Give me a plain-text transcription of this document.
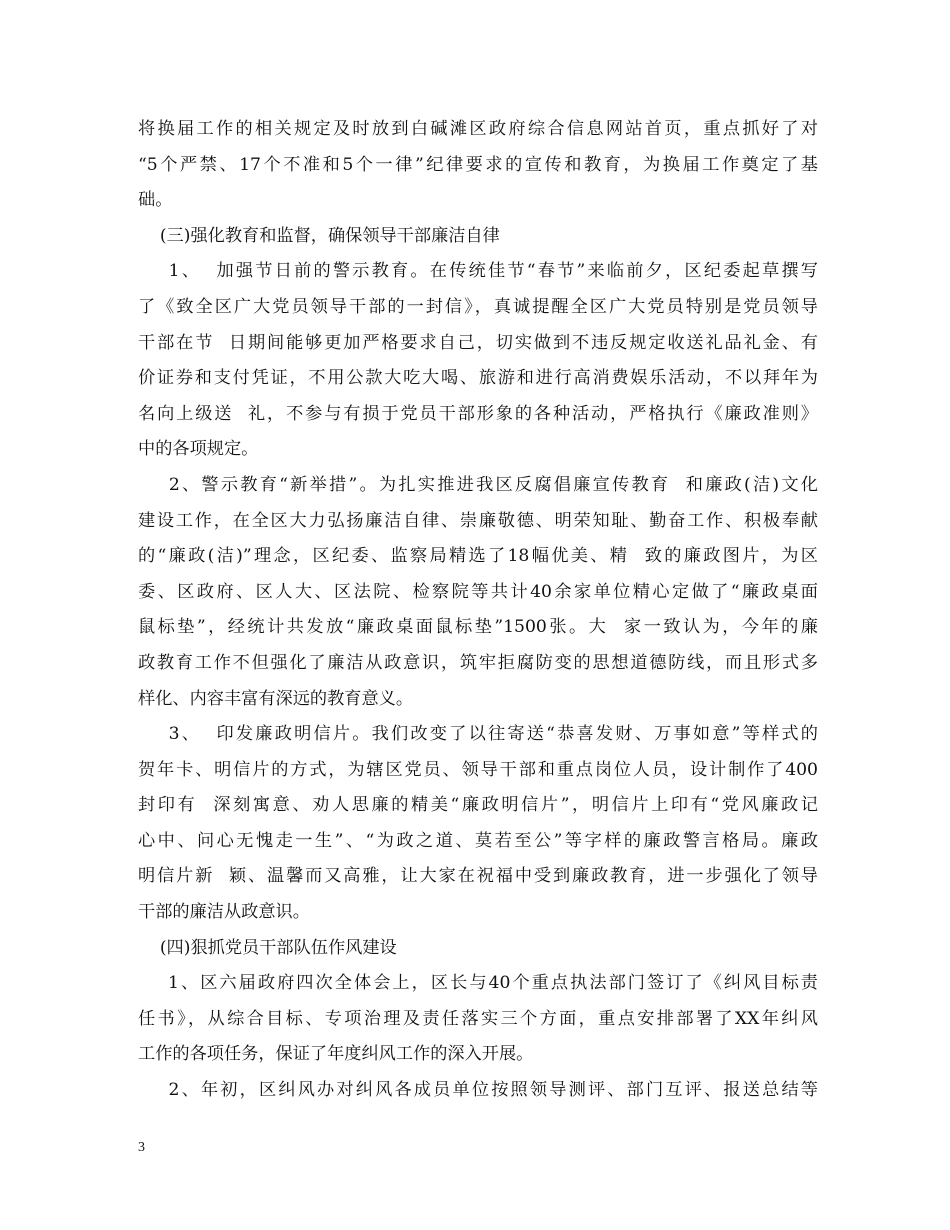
将换届工作的相关规定及时放到白碱滩区政府综合信息网站首页，重点抓好了对
“5个严禁、17个不准和5个一律”纪律要求的宣传和教育，为换届工作奠定了基
础。
(三)强化教育和监督，确保领导干部廉洁自律
1、  加强节日前的警示教育。在传统佳节“春节”来临前夕，区纪委起草撰写
了《致全区广大党员领导干部的一封信》，真诚提醒全区广大党员特别是党员领导
干部在节  日期间能够更加严格要求自己，切实做到不违反规定收送礼品礼金、有
价证券和支付凭证，不用公款大吃大喝、旅游和进行高消费娱乐活动，不以拜年为
名向上级送  礼，不参与有损于党员干部形象的各种活动，严格执行《廉政准则》
中的各项规定。
2、警示教育“新举措”。为扎实推进我区反腐倡廉宣传教育  和廉政(洁)文化
建设工作，在全区大力弘扬廉洁自律、崇廉敬德、明荣知耻、勤奋工作、积极奉献
的“廉政(洁)”理念，区纪委、监察局精选了18幅优美、精  致的廉政图片，为区
委、区政府、区人大、区法院、检察院等共计40余家单位精心定做了“廉政桌面
鼠标垫”，经统计共发放“廉政桌面鼠标垫”1500张。大  家一致认为，今年的廉
政教育工作不但强化了廉洁从政意识，筑牢拒腐防变的思想道德防线，而且形式多
样化、内容丰富有深远的教育意义。
3、  印发廉政明信片。我们改变了以往寄送“恭喜发财、万事如意”等样式的
贺年卡、明信片的方式，为辖区党员、领导干部和重点岗位人员，设计制作了400
封印有  深刻寓意、劝人思廉的精美“廉政明信片”，明信片上印有“党风廉政记
心中、问心无愧走一生”、“为政之道、莫若至公”等字样的廉政警言格局。廉政
明信片新  颖、温馨而又高雅，让大家在祝福中受到廉政教育，进一步强化了领导
干部的廉洁从政意识。
(四)狠抓党员干部队伍作风建设
1、区六届政府四次全体会上，区长与40个重点执法部门签订了《纠风目标责
任书》，从综合目标、专项治理及责任落实三个方面，重点安排部署了XX年纠风
工作的各项任务，保证了年度纠风工作的深入开展。
2、年初，区纠风办对纠风各成员单位按照领导测评、部门互评、报送总结等
3
